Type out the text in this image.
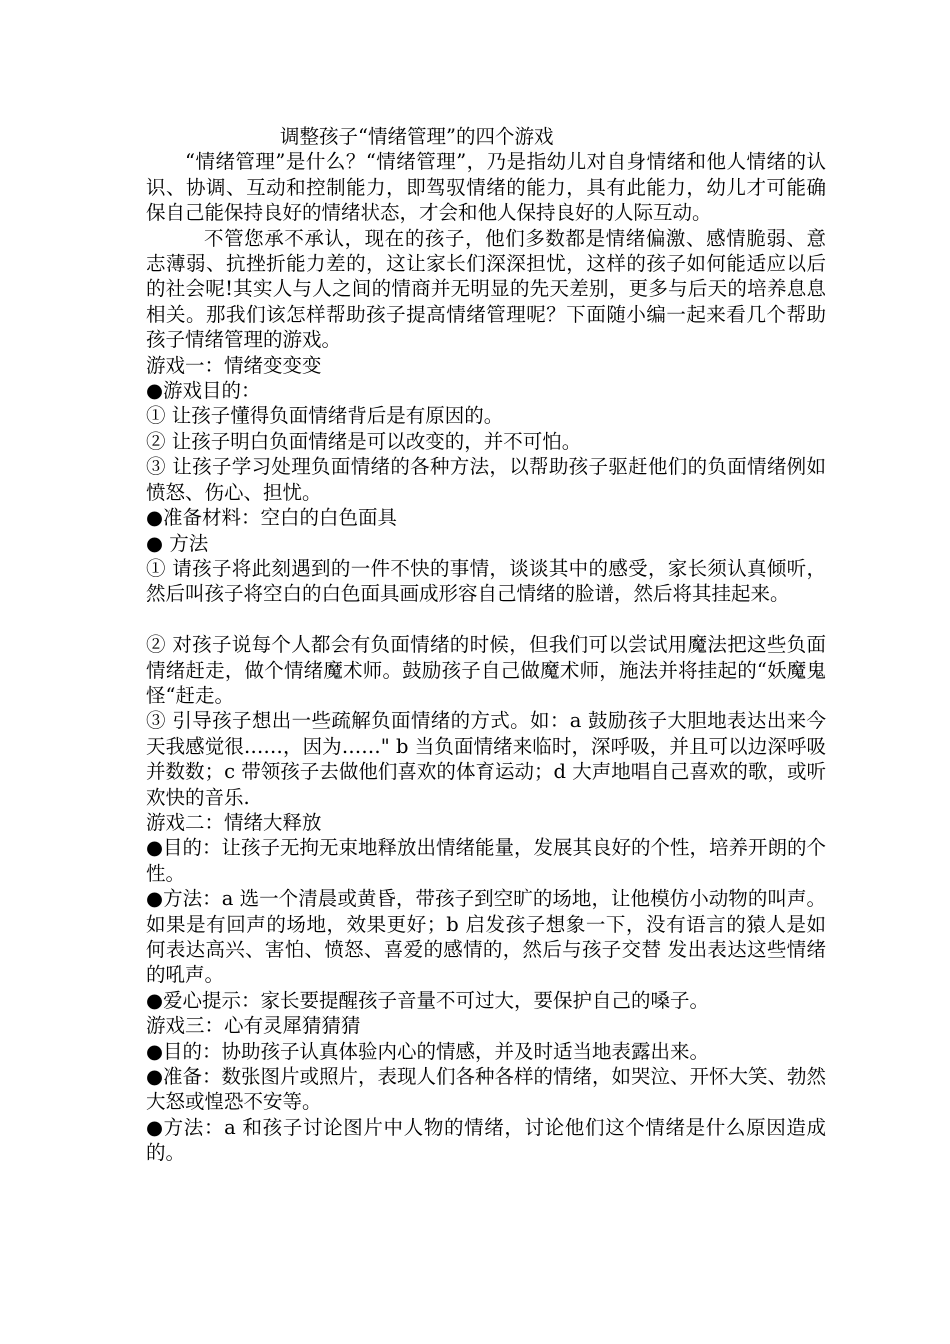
调整孩子“情绪管理”的四个游戏

“情绪管理”是什么？“情绪管理”，乃是指幼儿对自身情绪和他人情绪的认识、协调、互动和控制能力，即驾驭情绪的能力，具有此能力，幼儿才可能确保自己能保持良好的情绪状态，才会和他人保持良好的人际互动。

不管您承不承认，现在的孩子，他们多数都是情绪偏激、感情脆弱、意志薄弱、抗挫折能力差的，这让家长们深深担忧，这样的孩子如何能适应以后的社会呢!其实人与人之间的情商并无明显的先天差别，更多与后天的培养息息相关。那我们该怎样帮助孩子提高情绪管理呢？下面随小编一起来看几个帮助孩子情绪管理的游戏。

游戏一：情绪变变变

●游戏目的：

① 让孩子懂得负面情绪背后是有原因的。

② 让孩子明白负面情绪是可以改变的，并不可怕。

③ 让孩子学习处理负面情绪的各种方法，以帮助孩子驱赶他们的负面情绪例如愤怒、伤心、担忧。

●准备材料：空白的白色面具

● 方法

① 请孩子将此刻遇到的一件不快的事情，谈谈其中的感受，家长须认真倾听，然后叫孩子将空白的白色面具画成形容自己情绪的脸谱，然后将其挂起来。

② 对孩子说每个人都会有负面情绪的时候，但我们可以尝试用魔法把这些负面情绪赶走，做个情绪魔术师。鼓励孩子自己做魔术师，施法并将挂起的“妖魔鬼怪“赶走。

③ 引导孩子想出一些疏解负面情绪的方式。如：a 鼓励孩子大胆地表达出来今天我感觉很……，因为……" b 当负面情绪来临时，深呼吸，并且可以边深呼吸并数数；c 带领孩子去做他们喜欢的体育运动；d 大声地唱自己喜欢的歌，或听欢快的音乐.

游戏二：情绪大释放

●目的：让孩子无拘无束地释放出情绪能量，发展其良好的个性，培养开朗的个性。

●方法：a 选一个清晨或黄昏，带孩子到空旷的场地，让他模仿小动物的叫声。如果是有回声的场地，效果更好；b 启发孩子想象一下，没有语言的猿人是如何表达高兴、害怕、愤怒、喜爱的感情的，然后与孩子交替 发出表达这些情绪的吼声。

●爱心提示：家长要提醒孩子音量不可过大，要保护自己的嗓子。

游戏三：心有灵犀猜猜猜

●目的：协助孩子认真体验内心的情感，并及时适当地表露出来。

●准备：数张图片或照片，表现人们各种各样的情绪，如哭泣、开怀大笑、勃然大怒或惶恐不安等。

●方法：a 和孩子讨论图片中人物的情绪，讨论他们这个情绪是什么原因造成的。
